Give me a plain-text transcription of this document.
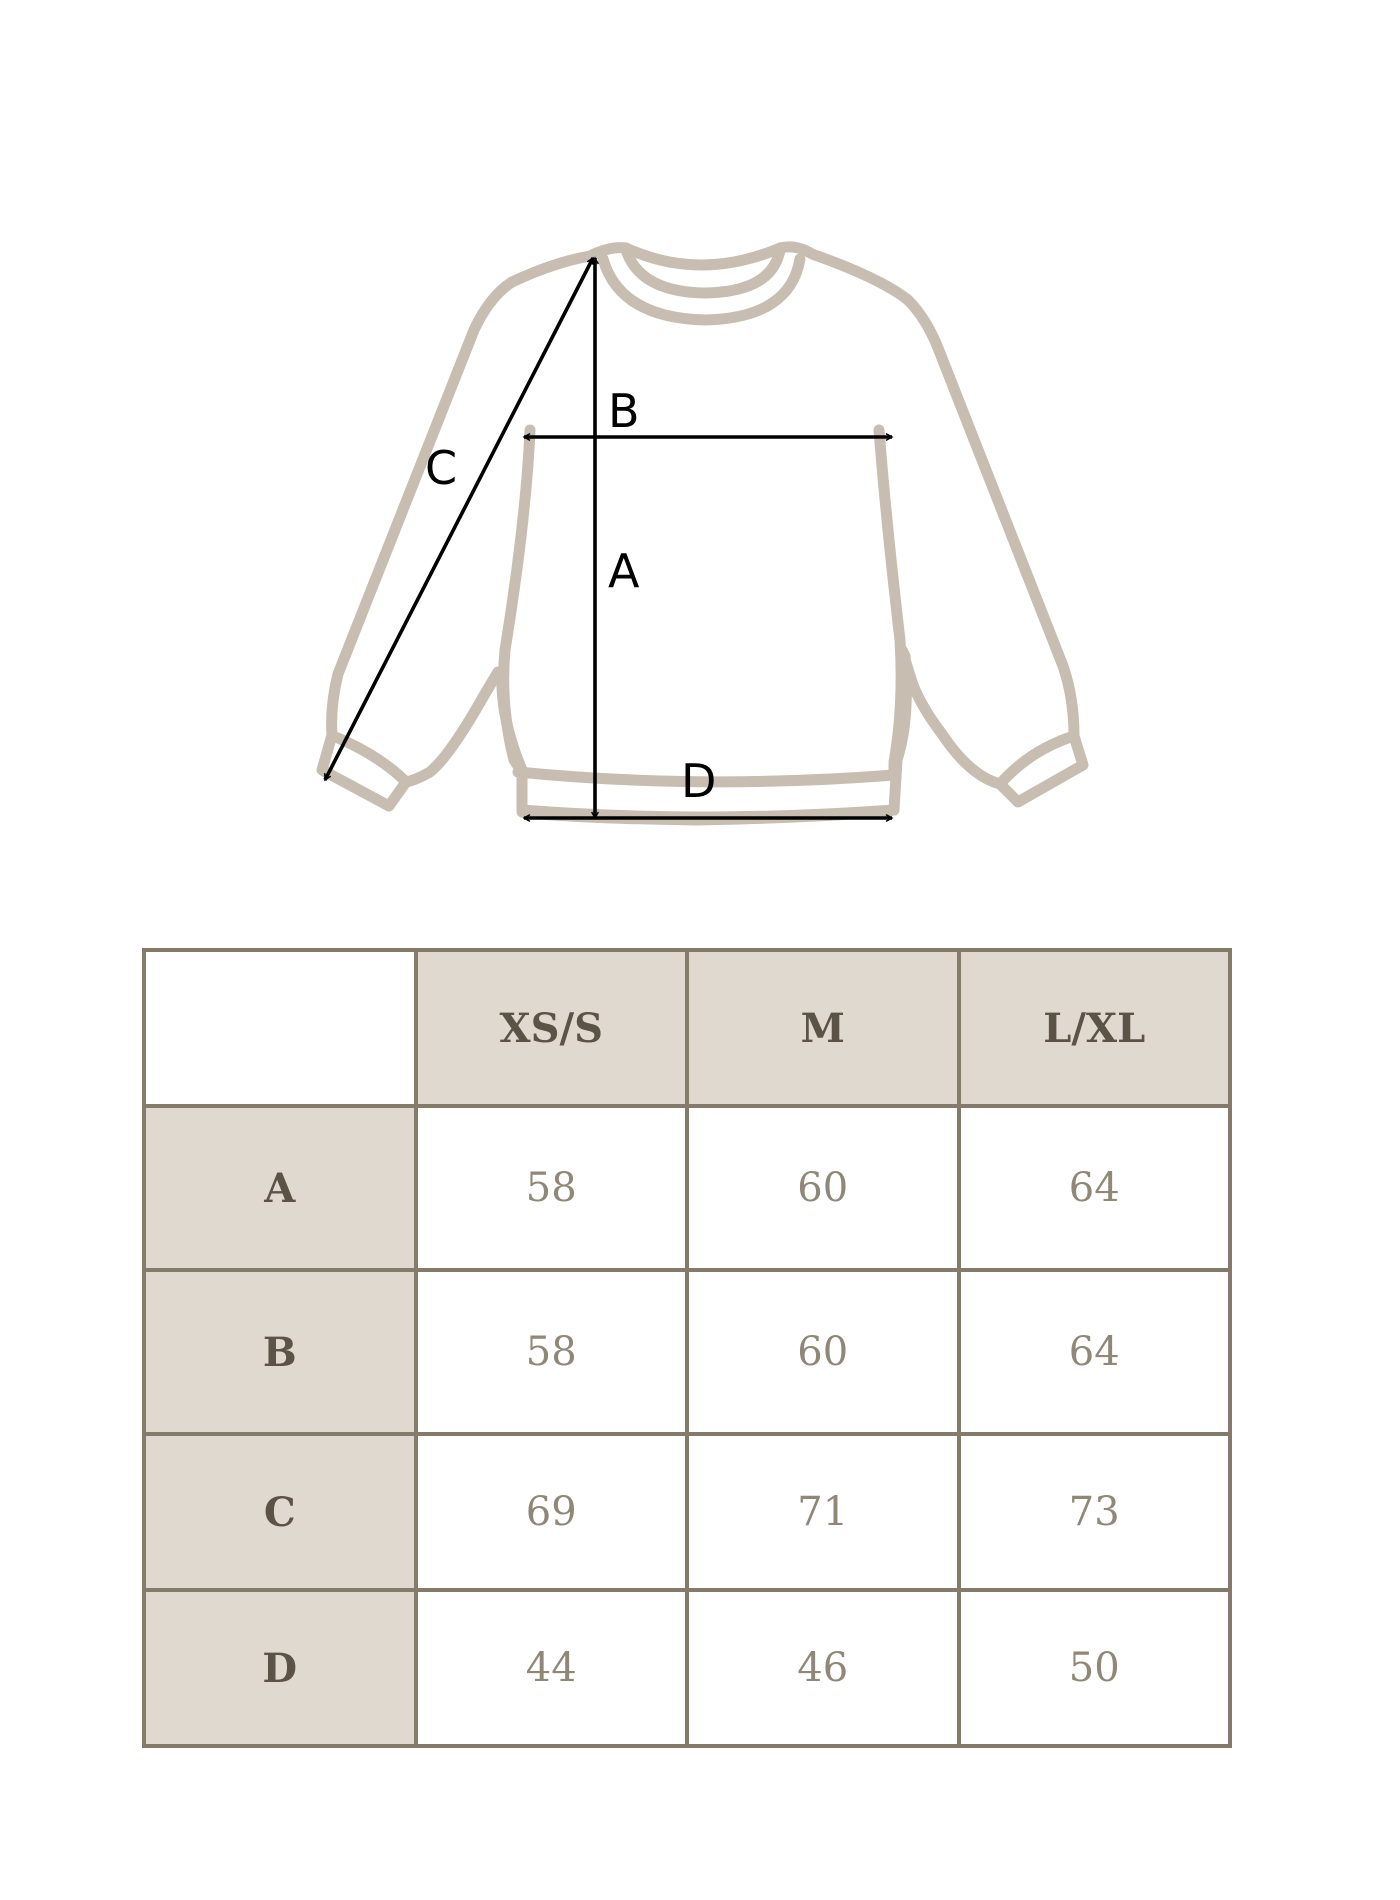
A
B
C
D
	XS/S	M	L/XL
A	58	60	64
B	58	60	64
C	69	71	73
D	44	46	50
